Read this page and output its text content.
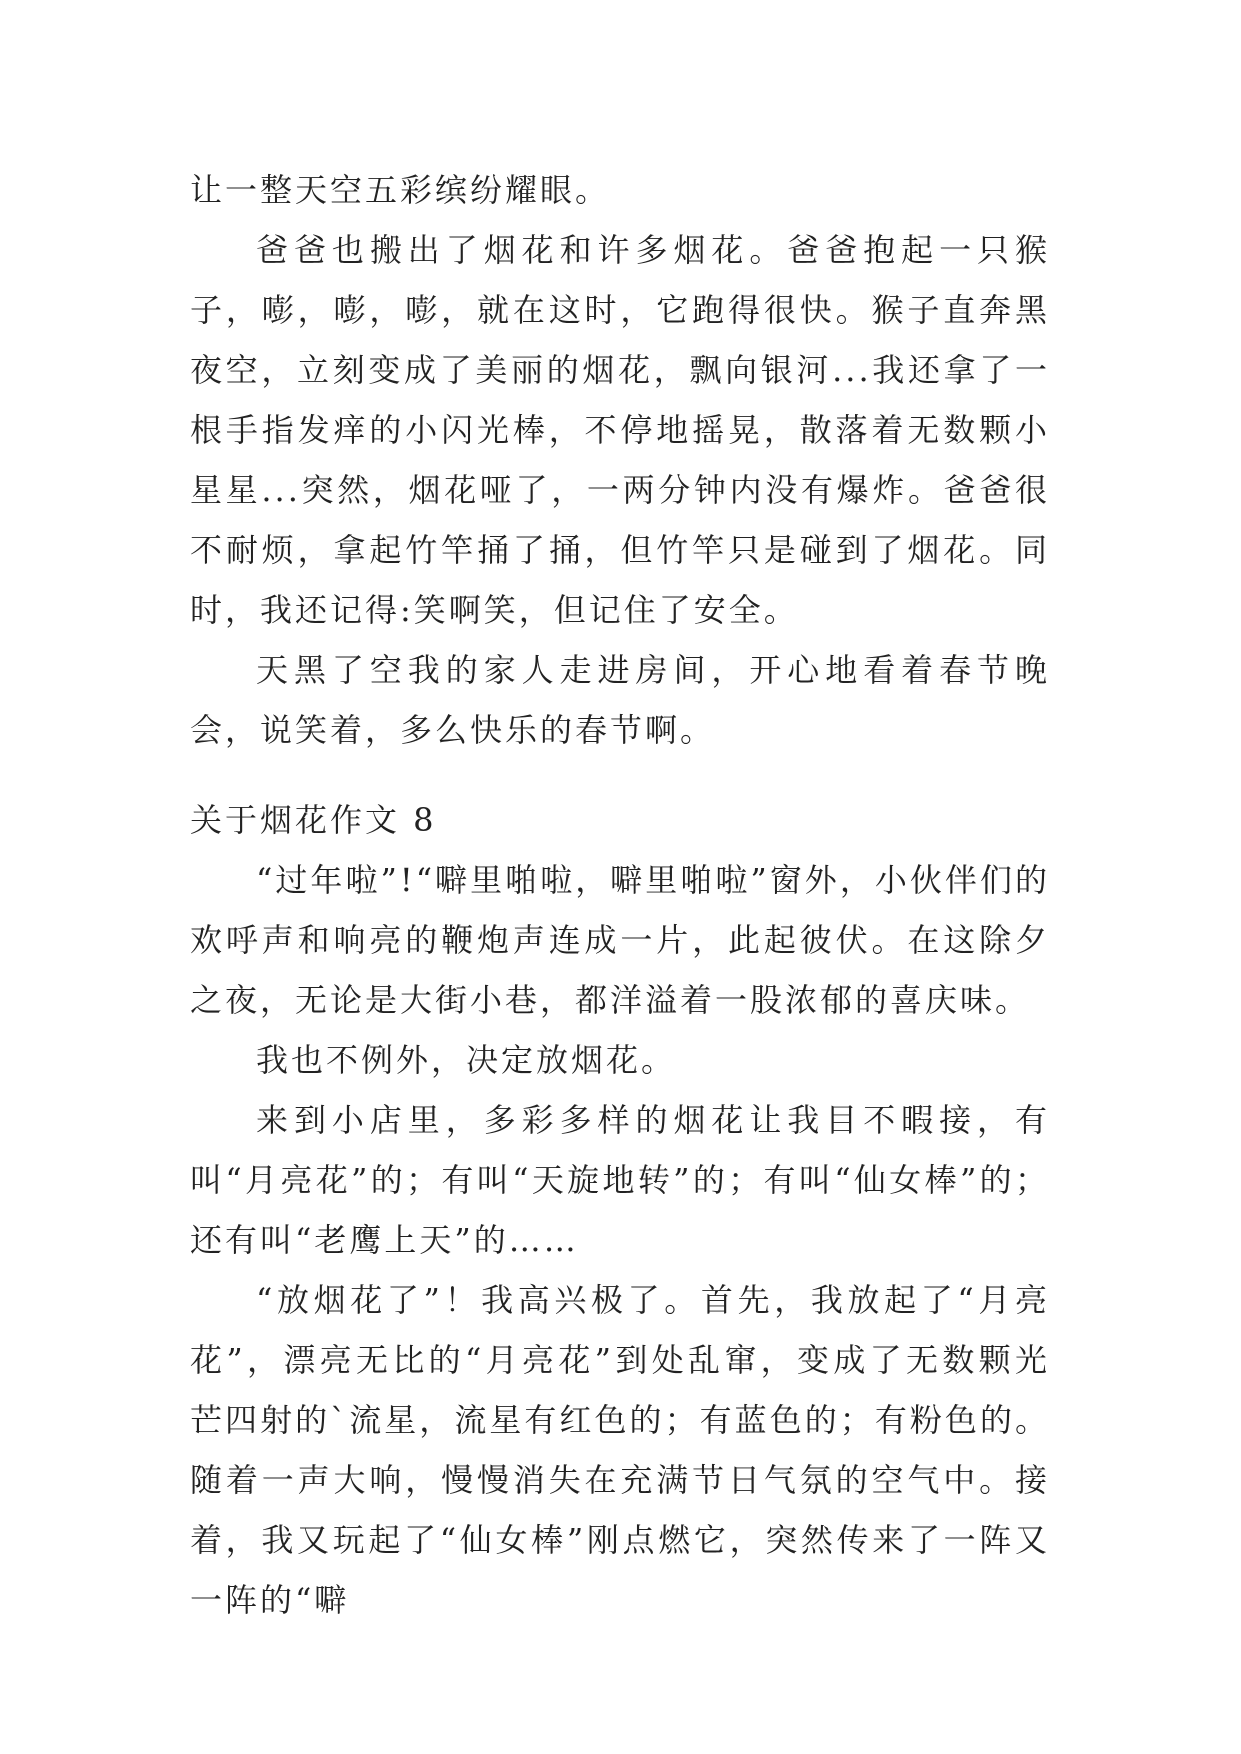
让一整天空五彩缤纷耀眼。

爸爸也搬出了烟花和许多烟花。爸爸抱起一只猴子，嘭，嘭，嘭，就在这时，它跑得很快。猴子直奔黑夜空，立刻变成了美丽的烟花，飘向银河...我还拿了一根手指发痒的小闪光棒，不停地摇晃，散落着无数颗小星星...突然，烟花哑了，一两分钟内没有爆炸。爸爸很不耐烦，拿起竹竿捅了捅，但竹竿只是碰到了烟花。同时，我还记得:笑啊笑，但记住了安全。

天黑了空我的家人走进房间，开心地看着春节晚会，说笑着，多么快乐的春节啊。

关于烟花作文 8

“过年啦”!“噼里啪啦，噼里啪啦”窗外，小伙伴们的欢呼声和响亮的鞭炮声连成一片，此起彼伏。在这除夕之夜，无论是大街小巷，都洋溢着一股浓郁的喜庆味。

我也不例外，决定放烟花。

来到小店里，多彩多样的烟花让我目不暇接，有叫“月亮花”的；有叫“天旋地转”的；有叫“仙女棒”的；还有叫“老鹰上天”的……

“放烟花了”！我高兴极了。首先，我放起了“月亮花”，漂亮无比的“月亮花”到处乱窜，变成了无数颗光芒四射的`流星，流星有红色的；有蓝色的；有粉色的。随着一声大响，慢慢消失在充满节日气氛的空气中。接着，我又玩起了“仙女棒”刚点燃它，突然传来了一阵又一阵的“噼
